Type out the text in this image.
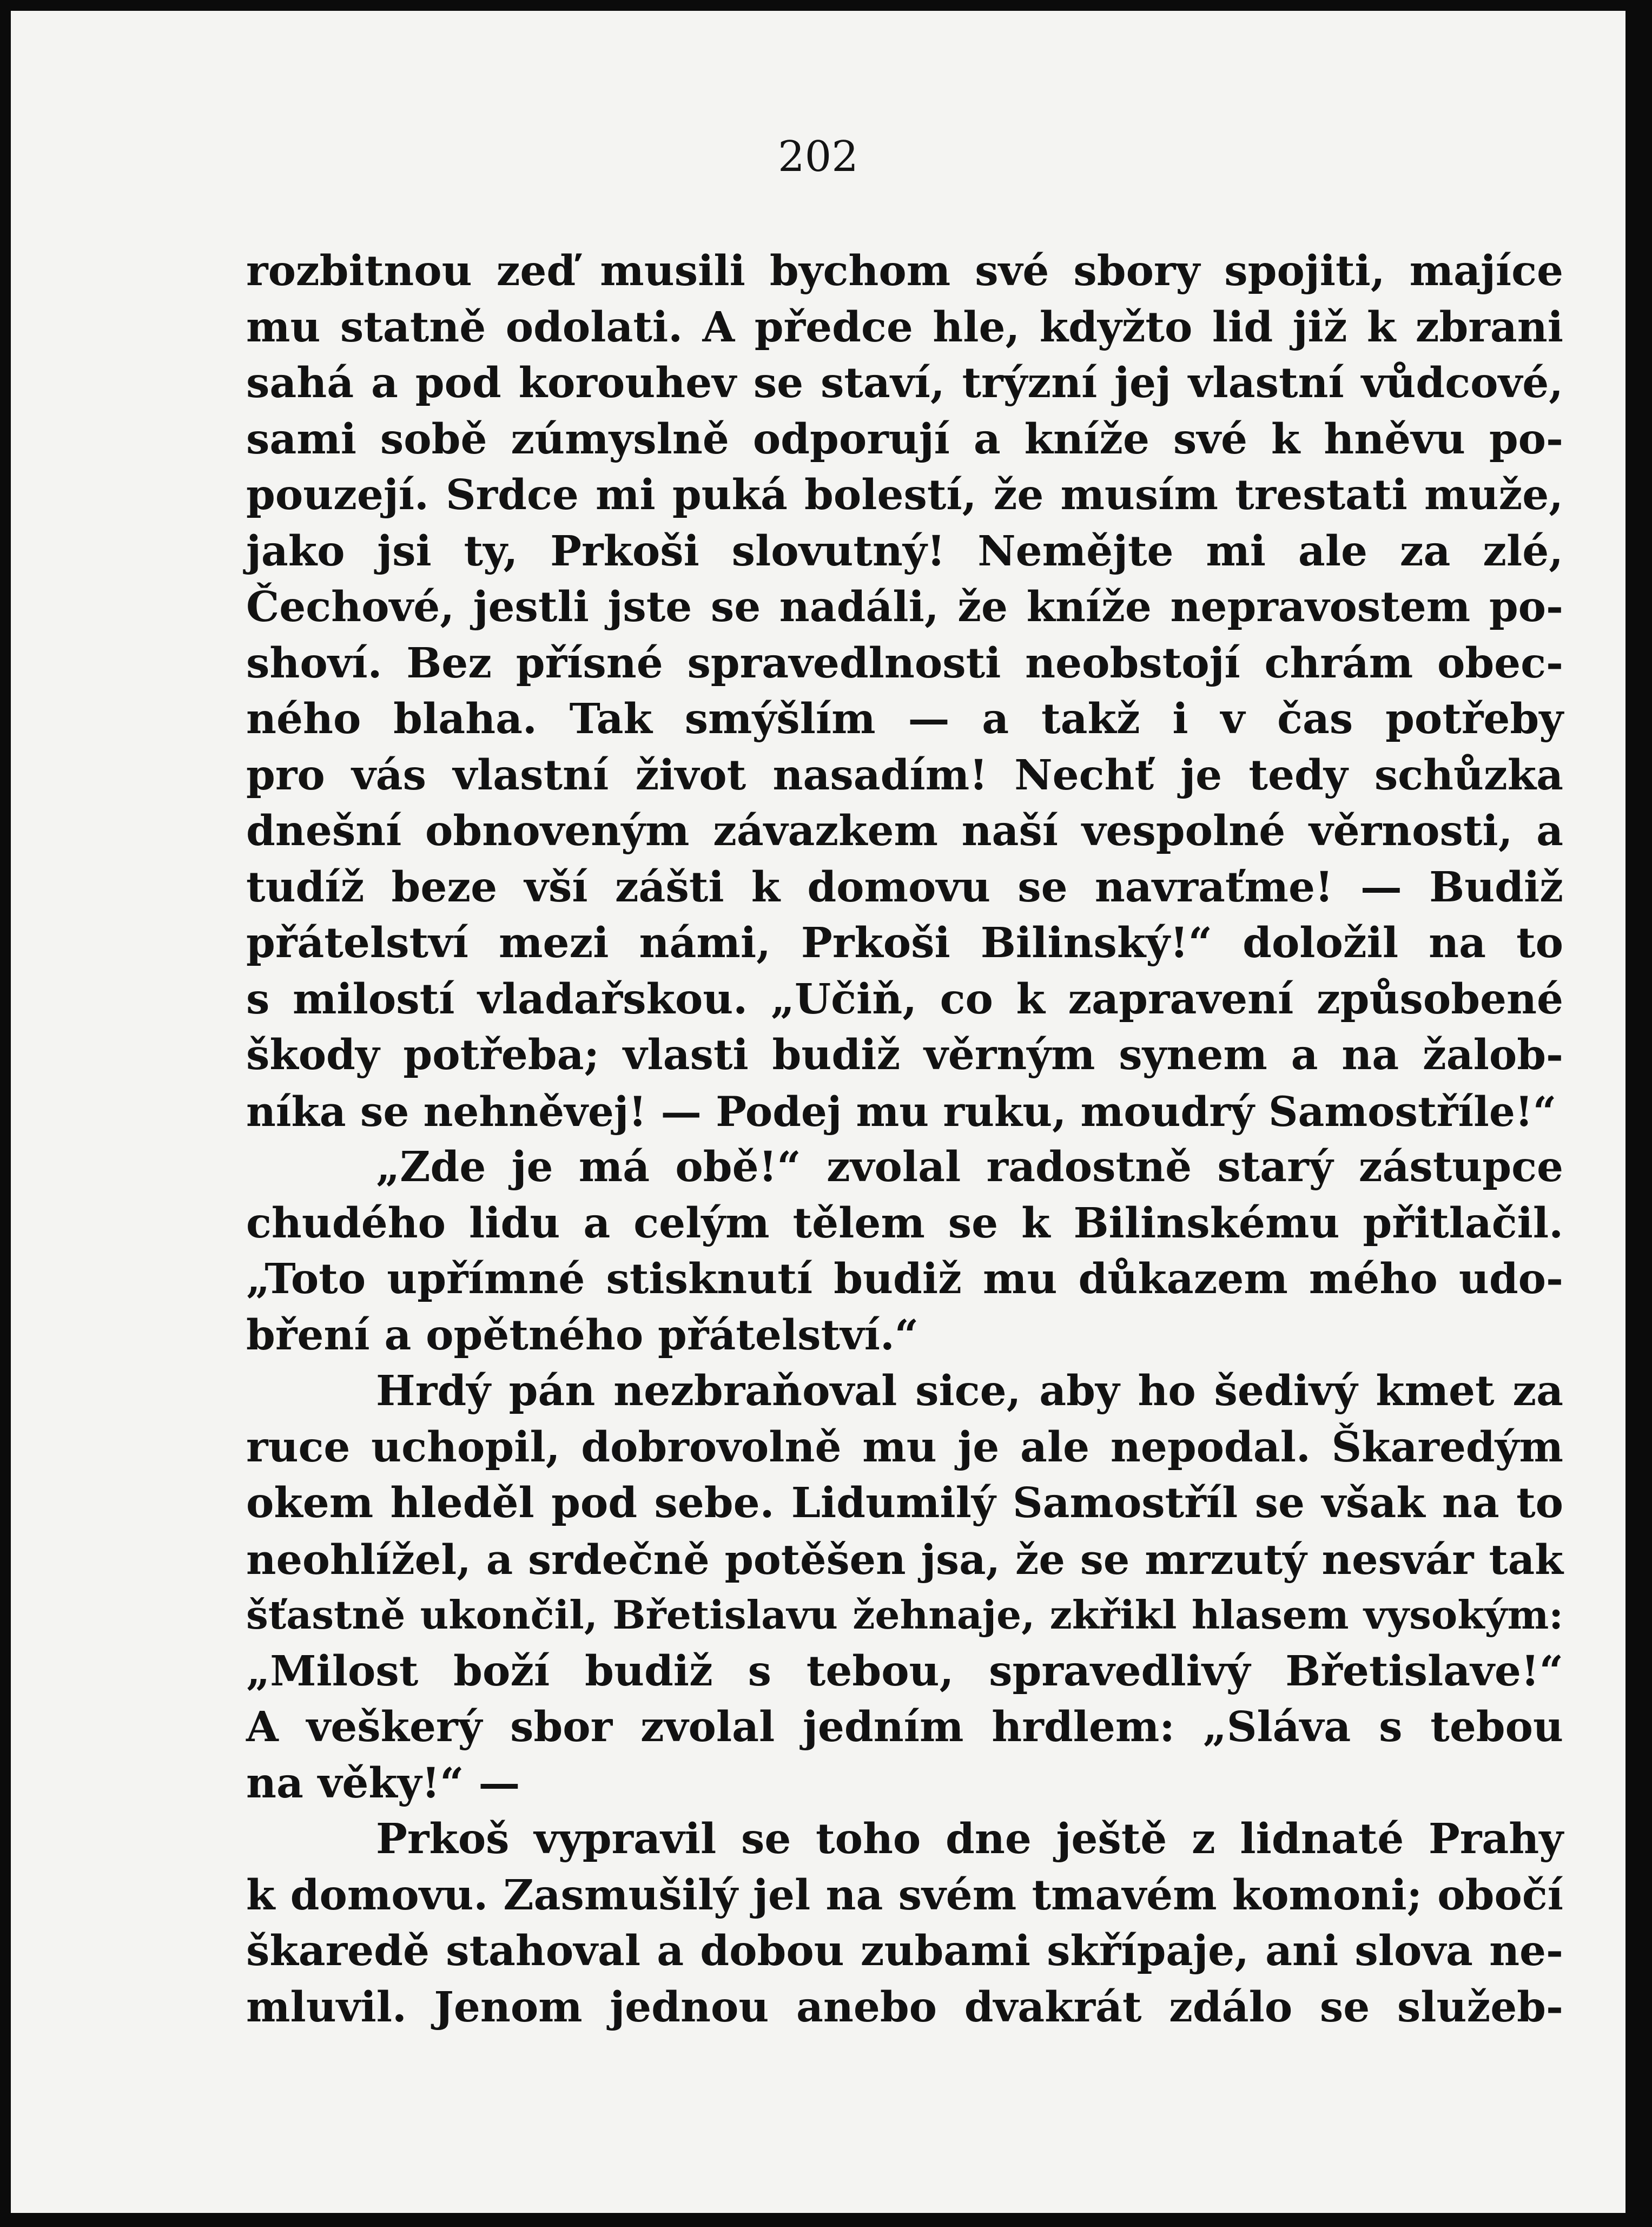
202
rozbitnou zeď musili bychom své sbory spojiti, majíce
mu statně odolati. A předce hle, kdyžto lid již k zbrani
sahá a pod korouhev se staví, trýzní jej vlastní vůdcové,
sami sobě zúmyslně odporují a kníže své k hněvu po-
pouzejí. Srdce mi puká bolestí, že musím trestati muže,
jako jsi ty, Prkoši slovutný! Nemějte mi ale za zlé,
Čechové, jestli jste se nadáli, že kníže nepravostem po-
shoví. Bez přísné spravedlnosti neobstojí chrám obec-
ného blaha. Tak smýšlím — a takž i v čas potřeby
pro vás vlastní život nasadím! Nechť je tedy schůzka
dnešní obnoveným závazkem naší vespolné věrnosti, a
tudíž beze vší zášti k domovu se navraťme! — Budiž
přátelství mezi námi, Prkoši Bilinský!“ doložil na to
s milostí vladařskou. „Učiň, co k zapravení způsobené
škody potřeba; vlasti budiž věrným synem a na žalob-
níka se nehněvej! — Podej mu ruku, moudrý Samostříle!“
„Zde je má obě!“ zvolal radostně starý zástupce
chudého lidu a celým tělem se k Bilinskému přitlačil.
„Toto upřímné stisknutí budiž mu důkazem mého udo-
bření a opětného přátelství.“
Hrdý pán nezbraňoval sice, aby ho šedivý kmet za
ruce uchopil, dobrovolně mu je ale nepodal. Škaredým
okem hleděl pod sebe. Lidumilý Samostříl se však na to
neohlížel, a srdečně potěšen jsa, že se mrzutý nesvár tak
šťastně ukončil, Břetislavu žehnaje, zkřikl hlasem vysokým:
„Milost boží budiž s tebou, spravedlivý Břetislave!“
A veškerý sbor zvolal jedním hrdlem: „Sláva s tebou
na věky!“ —
Prkoš vypravil se toho dne ještě z lidnaté Prahy
k domovu. Zasmušilý jel na svém tmavém komoni; obočí
škaredě stahoval a dobou zubami skřípaje, ani slova ne-
mluvil. Jenom jednou anebo dvakrát zdálo se služeb-
